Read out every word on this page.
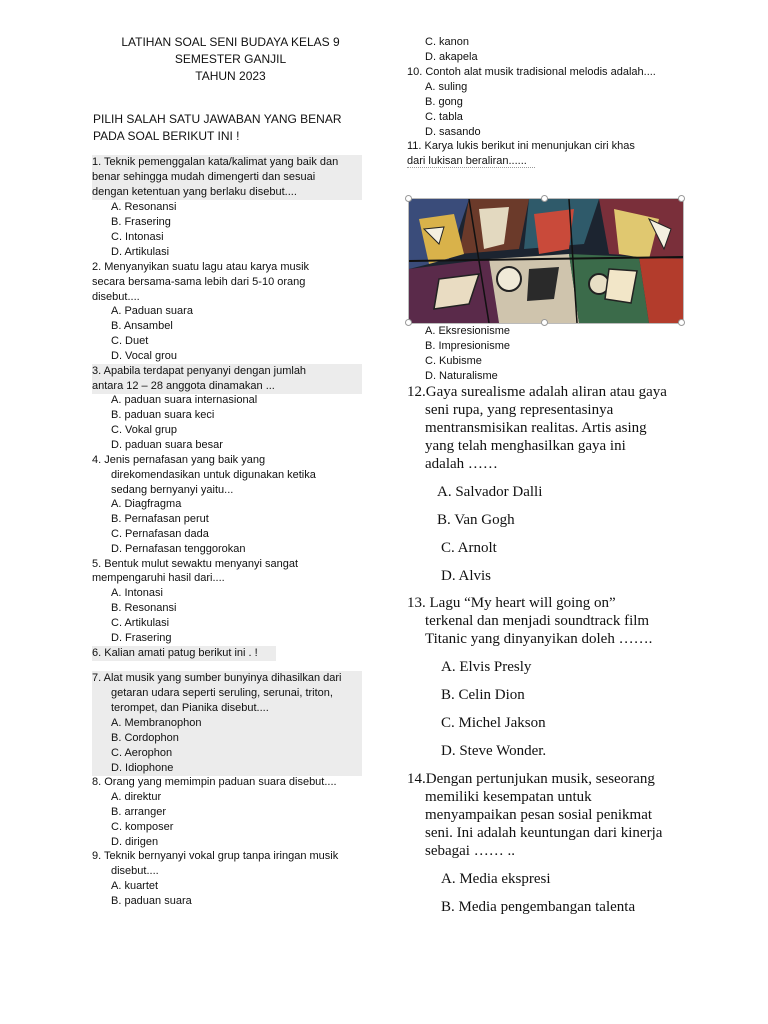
LATIHAN SOAL SENI BUDAYA KELAS 9
SEMESTER GANJIL
TAHUN 2023
PILIH SALAH SATU JAWABAN YANG BENAR
PADA SOAL BERIKUT INI !
1. Teknik pemenggalan kata/kalimat yang baik dan
benar sehingga mudah dimengerti dan sesuai
dengan ketentuan yang berlaku disebut....
A. Resonansi
B. Frasering
C. Intonasi
D. Artikulasi
2. Menyanyikan suatu lagu atau karya musik
secara bersama-sama lebih dari 5-10 orang
disebut....
A. Paduan suara
B. Ansambel
C. Duet
D. Vocal grou
3. Apabila terdapat penyanyi dengan jumlah
antara 12 – 28 anggota dinamakan ...
A. paduan suara internasional
B. paduan suara keci
C. Vokal grup
D. paduan suara besar
4. Jenis pernafasan yang baik yang
direkomendasikan untuk digunakan ketika
sedang bernyanyi yaitu...
A. Diagfragma
B. Pernafasan perut
C. Pernafasan dada
D. Pernafasan tenggorokan
5. Bentuk mulut sewaktu menyanyi sangat
mempengaruhi hasil dari....
A. Intonasi
B. Resonansi
C. Artikulasi
D. Frasering
6. Kalian amati patug berikut ini . !
7. Alat musik yang sumber bunyinya dihasilkan dari
getaran udara seperti seruling, serunai, triton,
terompet, dan Pianika disebut....
A. Membranophon
B. Cordophon
C. Aerophon
D. Idiophone
8. Orang yang memimpin paduan suara disebut....
A. direktur
B. arranger
C. komposer
D. dirigen
9. Teknik bernyanyi vokal grup tanpa iringan musik
disebut....
A. kuartet
B. paduan suara
C. kanon
D. akapela
10. Contoh alat musik tradisional melodis adalah....
A. suling
B. gong
C. tabla
D. sasando
11. Karya lukis berikut ini menunjukan ciri khas
dari lukisan beraliran......
A. Eksresionisme
B. Impresionisme
C. Kubisme
D. Naturalisme
12.Gaya surealisme adalah aliran atau gaya
seni rupa, yang representasinya
mentransmisikan realitas. Artis asing
yang telah menghasilkan gaya ini
adalah ……
A. Salvador Dalli
B. Van Gogh
C. Arnolt
D. Alvis
13. Lagu “My heart will going on”
terkenal dan menjadi soundtrack film
Titanic yang dinyanyikan doleh …….
A. Elvis Presly
B. Celin Dion
C. Michel Jakson
D. Steve Wonder.
14.Dengan pertunjukan musik, seseorang
memiliki kesempatan untuk
menyampaikan pesan sosial penikmat
seni. Ini adalah keuntungan dari kinerja
sebagai …… ..
A. Media ekspresi
B. Media pengembangan talenta
